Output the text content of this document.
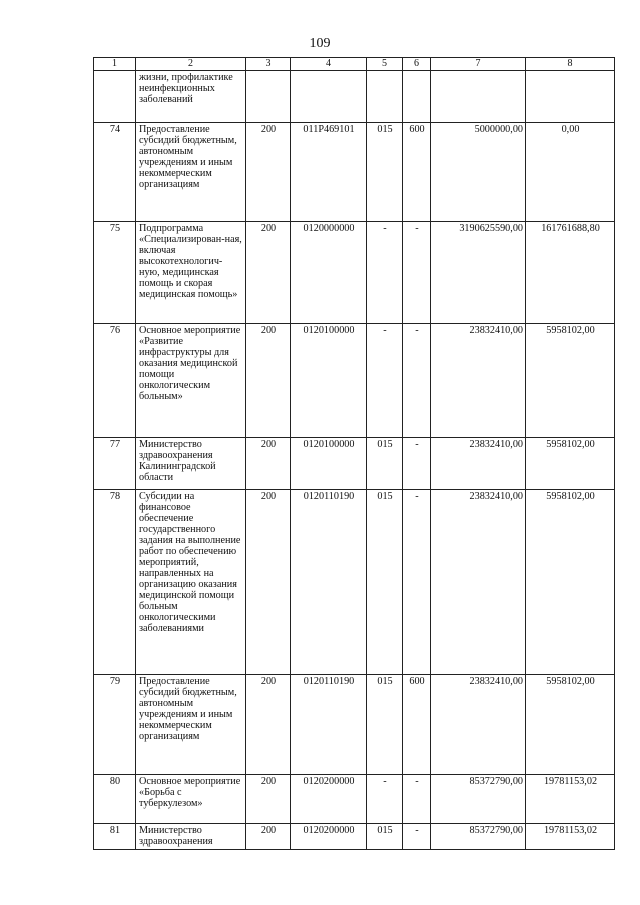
109
1	2	3	4	5	6	7	8
	жизни, профилактике неинфекционных заболеваний						
74	Предоставление субсидий бюджетным, автономным учреждениям и иным некоммерческим организациям	200	011P469101	015	600	5000000,00	0,00
75	Подпрограмма «Специализирован-ная, включая высокотехнологич-ную, медицинская помощь и скорая медицинская помощь»	200	0120000000	-	-	3190625590,00	161761688,80
76	Основное мероприятие «Развитие инфраструктуры для оказания медицинской помощи онкологическим больным»	200	0120100000	-	-	23832410,00	5958102,00
77	Министерство здравоохранения Калининградской области	200	0120100000	015	-	23832410,00	5958102,00
78	Субсидии на финансовое обеспечение государственного задания на выполнение работ по обеспечению мероприятий, направленных на организацию оказания медицинской помощи больным онкологическими заболеваниями	200	0120110190	015	-	23832410,00	5958102,00
79	Предоставление субсидий бюджетным, автономным учреждениям и иным некоммерческим организациям	200	0120110190	015	600	23832410,00	5958102,00
80	Основное мероприятие «Борьба с туберкулезом»	200	0120200000	-	-	85372790,00	19781153,02
81	Министерство здравоохранения	200	0120200000	015	-	85372790,00	19781153,02
